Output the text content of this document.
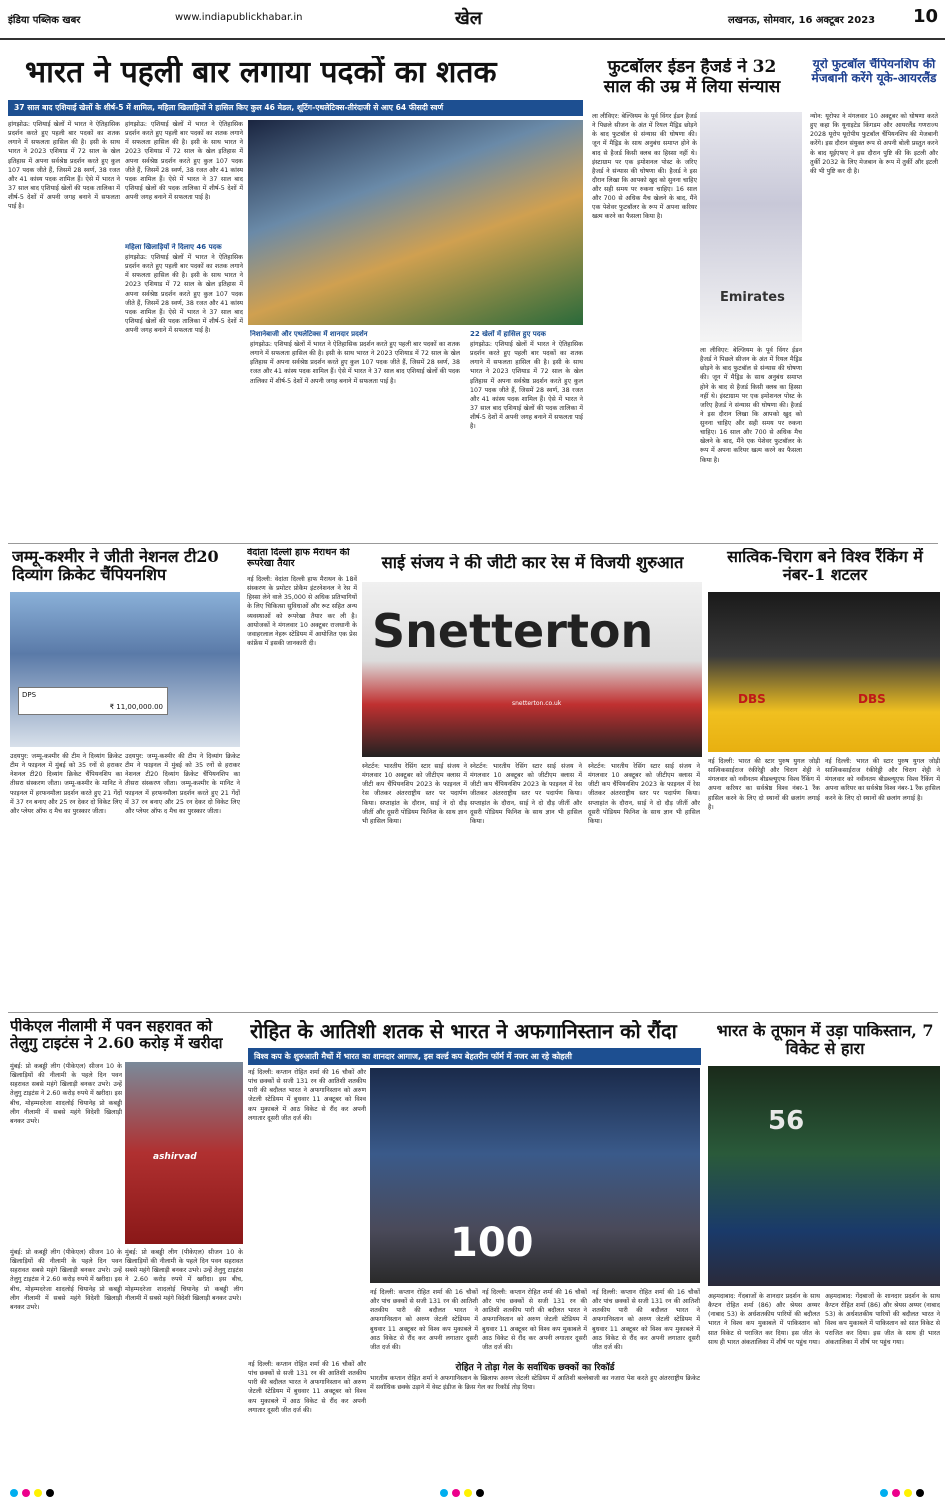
इंडिया पब्लिक खबर	www.indiapublickhabar.in	खेल	लखनऊ, सोमवार, 16 अक्टूबर 2023 10
भारत ने पहली बार लगाया पदकों का शतक
37 साल बाद एशियाई खेलों के शीर्ष-5 में शामिल, महिला खिलाड़ियों ने हासिल किए कुल 46 मेडल, शूटिंग-एथलेटिक्स-तीरंदाजी से आए 64 फीसदी स्वर्ण
हांगझोऊ: एशियाई खेलों में भारत ने ऐतिहासिक प्रदर्शन करते हुए पहली बार पदकों का शतक लगाने में सफलता हासिल की है। इसी के साथ भारत ने 2023 एशियाड में 72 साल के खेल इतिहास में अपना सर्वश्रेष्ठ प्रदर्शन करते हुए कुल 107 पदक जीते हैं, जिसमें 28 स्वर्ण, 38 रजत और 41 कांस्य पदक शामिल हैं। ऐसे में भारत ने 37 साल बाद एशियाई खेलों की पदक तालिका में शीर्ष-5 देशों में अपनी जगह बनाने में सफलता पाई है।
हांगझोऊ: एशियाई खेलों में भारत ने ऐतिहासिक प्रदर्शन करते हुए पहली बार पदकों का शतक लगाने में सफलता हासिल की है। इसी के साथ भारत ने 2023 एशियाड में 72 साल के खेल इतिहास में अपना सर्वश्रेष्ठ प्रदर्शन करते हुए कुल 107 पदक जीते हैं, जिसमें 28 स्वर्ण, 38 रजत और 41 कांस्य पदक शामिल हैं। ऐसे में भारत ने 37 साल बाद एशियाई खेलों की पदक तालिका में शीर्ष-5 देशों में अपनी जगह बनाने में सफलता पाई है।
महिला खिलाड़ियों ने दिलाए 46 पदक
हांगझोऊ: एशियाई खेलों में भारत ने ऐतिहासिक प्रदर्शन करते हुए पहली बार पदकों का शतक लगाने में सफलता हासिल की है। इसी के साथ भारत ने 2023 एशियाड में 72 साल के खेल इतिहास में अपना सर्वश्रेष्ठ प्रदर्शन करते हुए कुल 107 पदक जीते हैं, जिसमें 28 स्वर्ण, 38 रजत और 41 कांस्य पदक शामिल हैं। ऐसे में भारत ने 37 साल बाद एशियाई खेलों की पदक तालिका में शीर्ष-5 देशों में अपनी जगह बनाने में सफलता पाई है।	निशानेबाजी और एथलेटिक्स में शानदार प्रदर्शन
हांगझोऊ: एशियाई खेलों में भारत ने ऐतिहासिक प्रदर्शन करते हुए पहली बार पदकों का शतक लगाने में सफलता हासिल की है। इसी के साथ भारत ने 2023 एशियाड में 72 साल के खेल इतिहास में अपना सर्वश्रेष्ठ प्रदर्शन करते हुए कुल 107 पदक जीते हैं, जिसमें 28 स्वर्ण, 38 रजत और 41 कांस्य पदक शामिल हैं। ऐसे में भारत ने 37 साल बाद एशियाई खेलों की पदक तालिका में शीर्ष-5 देशों में अपनी जगह बनाने में सफलता पाई है।
22 खेलों में हासिल हुए पदक
हांगझोऊ: एशियाई खेलों में भारत ने ऐतिहासिक प्रदर्शन करते हुए पहली बार पदकों का शतक लगाने में सफलता हासिल की है। इसी के साथ भारत ने 2023 एशियाड में 72 साल के खेल इतिहास में अपना सर्वश्रेष्ठ प्रदर्शन करते हुए कुल 107 पदक जीते हैं, जिसमें 28 स्वर्ण, 38 रजत और 41 कांस्य पदक शामिल हैं। ऐसे में भारत ने 37 साल बाद एशियाई खेलों की पदक तालिका में शीर्ष-5 देशों में अपनी जगह बनाने में सफलता पाई है।
फुटबॉलर ईडन हैजर्ड ने 32 साल की उम्र में लिया संन्यास
ला लीविएर: बेल्जियम के पूर्व विंगर ईडन हैजर्ड ने पिछले सीजन के अंत में रियल मैड्रिड छोड़ने के बाद फुटबॉल से संन्यास की घोषणा की। जून में मैड्रिड के साथ अनुबंध समाप्त होने के बाद से हैजर्ड किसी क्लब का हिस्सा नहीं थे। इंस्टाग्राम पर एक इमोशनल पोस्ट के जरिए हैजर्ड ने संन्यास की घोषणा की। हैजर्ड ने इस दौरान लिखा कि आपको खुद को सुनना चाहिए और सही समय पर रुकना चाहिए। 16 साल और 700 से अधिक मैच खेलने के बाद, मैंने एक पेशेवर फुटबॉलर के रूप में अपना करियर खत्म करने का फैसला किया है।
Emirates
ला लीविएर: बेल्जियम के पूर्व विंगर ईडन हैजर्ड ने पिछले सीजन के अंत में रियल मैड्रिड छोड़ने के बाद फुटबॉल से संन्यास की घोषणा की। जून में मैड्रिड के साथ अनुबंध समाप्त होने के बाद से हैजर्ड किसी क्लब का हिस्सा नहीं थे। इंस्टाग्राम पर एक इमोशनल पोस्ट के जरिए हैजर्ड ने संन्यास की घोषणा की। हैजर्ड ने इस दौरान लिखा कि आपको खुद को सुनना चाहिए और सही समय पर रुकना चाहिए। 16 साल और 700 से अधिक मैच खेलने के बाद, मैंने एक पेशेवर फुटबॉलर के रूप में अपना करियर खत्म करने का फैसला किया है।
यूरो फुटबॉल चैंपियनशिप की मेजबानी करेंगे यूके-आयरलैंड
न्योन: यूरोफा ने मंगलवार 10 अक्टूबर को घोषणा करते हुए कहा कि यूनाइटेड किंगडम और आयरलैंड गणराज्य 2028 यूरोप यूरोपीय फुटबॉल चैंपियनशिप की मेजबानी करेंगे। इस दौरान संयुक्त रूप से अपनी बोली प्रस्तुत करने के बाद यूईएफए ने इस दौरान पुष्टि की कि इटली और तुर्की 2032 के लिए मेजबान के रूप में तुर्की और इटली की भी पुष्टि कर दी है।
जम्मू-कश्मीर ने जीती नेशनल टी20 दिव्यांग क्रिकेट चैंपियनशिप
DPS
₹ 11,00,000.00
उदयपुर: जम्मू-कश्मीर की टीम ने दिव्यांग क्रिकेट टीम ने फाइनल में मुंबई को 35 रनों से हराकर नेशनल टी20 दिव्यांग क्रिकेट चैंपियनशिप का तीसरा संस्करण जीता। जम्मू-कश्मीर के मानिट ने फाइनल में हरफनमौला प्रदर्शन करते हुए 21 गेंदों में 37 रन बनाए और 25 रन देकर दो विकेट लिए और प्लेयर ऑफ द मैच का पुरस्कार जीता।
उदयपुर: जम्मू-कश्मीर की टीम ने दिव्यांग क्रिकेट टीम ने फाइनल में मुंबई को 35 रनों से हराकर नेशनल टी20 दिव्यांग क्रिकेट चैंपियनशिप का तीसरा संस्करण जीता। जम्मू-कश्मीर के मानिट ने फाइनल में हरफनमौला प्रदर्शन करते हुए 21 गेंदों में 37 रन बनाए और 25 रन देकर दो विकेट लिए और प्लेयर ऑफ द मैच का पुरस्कार जीता।
वेदांता दिल्ली हाफ मैराथन की रूपरेखा तैयार
नई दिल्ली: वेदांता दिल्ली हाफ मैराथन के 18वें संस्करण के प्रमोटर प्रोकैम इंटरनेशनल ने रेस में हिस्सा लेने वाले 35,000 से अधिक प्रतिभागियों के लिए चिकित्सा सुविधाओं और रूट सहित अन्य व्यवस्थाओं को रूपरेखा तैयार कर ली है। आयोजकों ने मंगलवार 10 अक्टूबर राजधानी के जवाहरलाल नेहरू स्टेडियम में आयोजित एक प्रेस कांफ्रेंस में इसकी जानकारी दी।
साई संजय ने की जीटी कार रेस में विजयी शुरुआत
Snetterton
snetterton.co.uk
स्नेटर्टन: भारतीय रेसिंग स्टार साई संजय ने मंगलवार 10 अक्टूबर को जीटीएम क्लास में जीटी कप चैंपियनशिप 2023 के फाइनल में रेस जीतकर अंतरराष्ट्रीय स्तर पर पदार्पण किया। सप्ताहांत के दौरान, साई ने दो दौड़ जीतीं और दूसरी पोडियम फिनिश के साथ ज्ञान भी हासिल किया।
स्नेटर्टन: भारतीय रेसिंग स्टार साई संजय ने मंगलवार 10 अक्टूबर को जीटीएम क्लास में जीटी कप चैंपियनशिप 2023 के फाइनल में रेस जीतकर अंतरराष्ट्रीय स्तर पर पदार्पण किया। सप्ताहांत के दौरान, साई ने दो दौड़ जीतीं और दूसरी पोडियम फिनिश के साथ ज्ञान भी हासिल किया।
स्नेटर्टन: भारतीय रेसिंग स्टार साई संजय ने मंगलवार 10 अक्टूबर को जीटीएम क्लास में जीटी कप चैंपियनशिप 2023 के फाइनल में रेस जीतकर अंतरराष्ट्रीय स्तर पर पदार्पण किया। सप्ताहांत के दौरान, साई ने दो दौड़ जीतीं और दूसरी पोडियम फिनिश के साथ ज्ञान भी हासिल किया।
सात्विक-चिराग बने विश्व रैंकिंग में नंबर-1 शटलर
DBS	DBS
नई दिल्ली: भारत की स्टार पुरुष युगल जोड़ी सात्विकसाईराज रंकीरेड्डी और चिराग शेट्टी ने मंगलवार को नवीनतम बीडब्ल्यूएफ विश्व रैंकिंग में अपना करियर का सर्वश्रेष्ठ विश्व नंबर-1 रैंक हासिल करने के लिए दो स्थानों की छलांग लगाई है।
नई दिल्ली: भारत की स्टार पुरुष युगल जोड़ी सात्विकसाईराज रंकीरेड्डी और चिराग शेट्टी ने मंगलवार को नवीनतम बीडब्ल्यूएफ विश्व रैंकिंग में अपना करियर का सर्वश्रेष्ठ विश्व नंबर-1 रैंक हासिल करने के लिए दो स्थानों की छलांग लगाई है।
पीकेएल नीलामी में पवन सहरावत को तेलुगु टाइटंस ने 2.60 करोड़ में खरीदा
मुंबई: प्रो कबड्डी लीग (पीकेएल) सीजन 10 के खिलाड़ियों की नीलामी के पहले दिन पवन सहरावत सबसे महंगे खिलाड़ी बनकर उभरे। उन्हें तेलुगु टाइटंस ने 2.60 करोड़ रुपये में खरीदा। इस बीच, मोहम्मदरेजा शादलोई चियानेह प्रो कबड्डी लीग नीलामी में सबसे महंगे विदेशी खिलाड़ी बनकर उभरे।
ashirvad
मुंबई: प्रो कबड्डी लीग (पीकेएल) सीजन 10 के खिलाड़ियों की नीलामी के पहले दिन पवन सहरावत सबसे महंगे खिलाड़ी बनकर उभरे। उन्हें तेलुगु टाइटंस ने 2.60 करोड़ रुपये में खरीदा। इस बीच, मोहम्मदरेजा शादलोई चियानेह प्रो कबड्डी लीग नीलामी में सबसे महंगे विदेशी खिलाड़ी बनकर उभरे।
मुंबई: प्रो कबड्डी लीग (पीकेएल) सीजन 10 के खिलाड़ियों की नीलामी के पहले दिन पवन सहरावत सबसे महंगे खिलाड़ी बनकर उभरे। उन्हें तेलुगु टाइटंस ने 2.60 करोड़ रुपये में खरीदा। इस बीच, मोहम्मदरेजा शादलोई चियानेह प्रो कबड्डी लीग नीलामी में सबसे महंगे विदेशी खिलाड़ी बनकर उभरे।
रोहित के आतिशी शतक से भारत ने अफगानिस्तान को रौंदा
विश्व कप के शुरुआती मैचों में भारत का शानदार आगाज, इस वर्ल्ड कप बेहतरीन फॉर्म में नजर आ रहे कोहली
नई दिल्ली: कप्तान रोहित शर्मा की 16 चौकों और पांच छक्कों से सजी 131 रन की आतिशी शतकीय पारी की बदौलत भारत ने अफगानिस्तान को अरुण जेटली स्टेडियम में बुधवार 11 अक्टूबर को विश्व कप मुकाबले में आठ विकेट से रौंद कर अपनी लगातार दूसरी जीत दर्ज की।
100
नई दिल्ली: कप्तान रोहित शर्मा की 16 चौकों और पांच छक्कों से सजी 131 रन की आतिशी शतकीय पारी की बदौलत भारत ने अफगानिस्तान को अरुण जेटली स्टेडियम में बुधवार 11 अक्टूबर को विश्व कप मुकाबले में आठ विकेट से रौंद कर अपनी लगातार दूसरी जीत दर्ज की।
नई दिल्ली: कप्तान रोहित शर्मा की 16 चौकों और पांच छक्कों से सजी 131 रन की आतिशी शतकीय पारी की बदौलत भारत ने अफगानिस्तान को अरुण जेटली स्टेडियम में बुधवार 11 अक्टूबर को विश्व कप मुकाबले में आठ विकेट से रौंद कर अपनी लगातार दूसरी जीत दर्ज की।
नई दिल्ली: कप्तान रोहित शर्मा की 16 चौकों और पांच छक्कों से सजी 131 रन की आतिशी शतकीय पारी की बदौलत भारत ने अफगानिस्तान को अरुण जेटली स्टेडियम में बुधवार 11 अक्टूबर को विश्व कप मुकाबले में आठ विकेट से रौंद कर अपनी लगातार दूसरी जीत दर्ज की।
रोहित ने तोड़ा गेल के सर्वाधिक छक्कों का रिकॉर्ड
भारतीय कप्तान रोहित शर्मा ने अफगानिस्तान के खिलाफ अरुण जेटली स्टेडियम में आतिशी बल्लेबाजी का नजारा पेश करते हुए अंतरराष्ट्रीय क्रिकेट में सर्वाधिक छक्के उड़ाने में वेस्ट इंडीज के क्रिस गेल का रिकॉर्ड तोड़ दिया।
नई दिल्ली: कप्तान रोहित शर्मा की 16 चौकों और पांच छक्कों से सजी 131 रन की आतिशी शतकीय पारी की बदौलत भारत ने अफगानिस्तान को अरुण जेटली स्टेडियम में बुधवार 11 अक्टूबर को विश्व कप मुकाबले में आठ विकेट से रौंद कर अपनी लगातार दूसरी जीत दर्ज की।
भारत के तूफान में उड़ा पाकिस्तान, 7 विकेट से हारा
56
अहमदाबाद: गेंदबाजों के शानदार प्रदर्शन के साथ कैप्टन रोहित शर्मा (86) और श्रेयस अय्यर (नाबाद 53) के अर्धशतकीय पारियों की बदौलत भारत ने विश्व कप मुकाबले में पाकिस्तान को सात विकेट से पराजित कर दिया। इस जीत के साथ ही भारत अंकतालिका में शीर्ष पर पहुंच गया।
अहमदाबाद: गेंदबाजों के शानदार प्रदर्शन के साथ कैप्टन रोहित शर्मा (86) और श्रेयस अय्यर (नाबाद 53) के अर्धशतकीय पारियों की बदौलत भारत ने विश्व कप मुकाबले में पाकिस्तान को सात विकेट से पराजित कर दिया। इस जीत के साथ ही भारत अंकतालिका में शीर्ष पर पहुंच गया।
